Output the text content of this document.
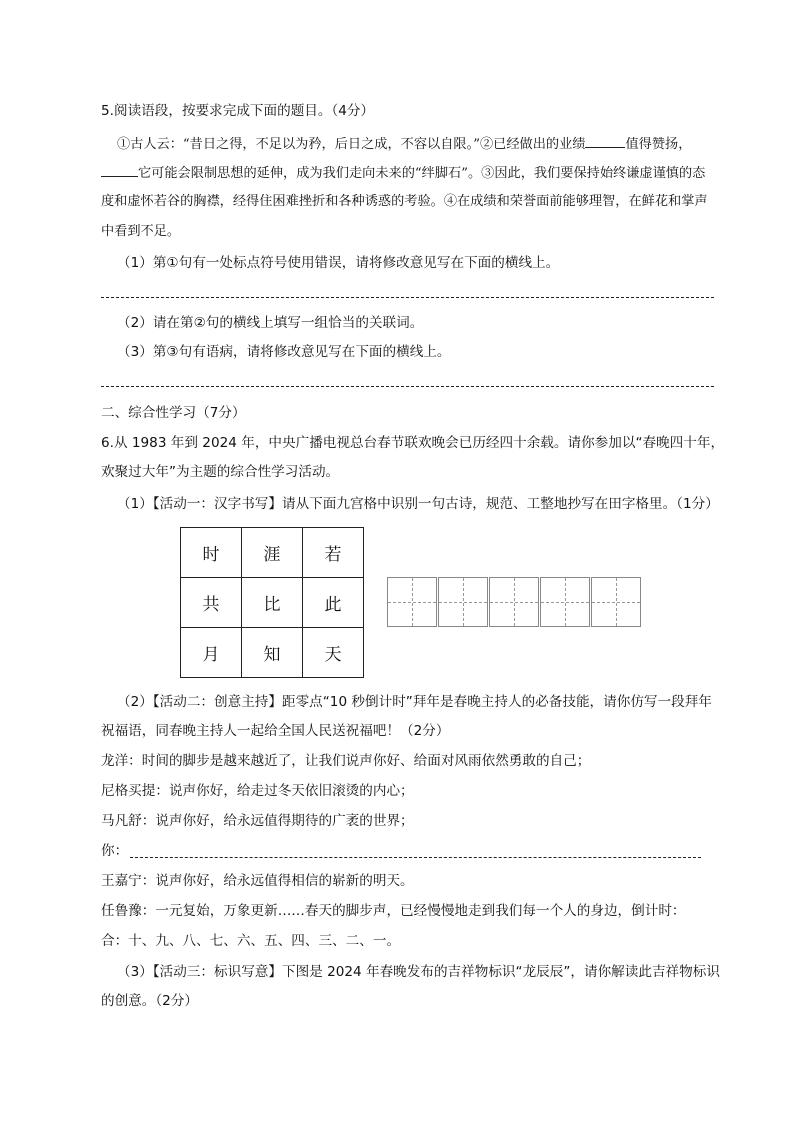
5.阅读语段，按要求完成下面的题目。（4分）
①古人云：“昔日之得，不足以为矜，后日之成，不容以自限。”②已经做出的业绩	值得赞扬，
它可能会限制思想的延伸，成为我们走向未来的“绊脚石”。③因此，我们要保持始终谦虚谨慎的态
度和虚怀若谷的胸襟，经得住困难挫折和各种诱惑的考验。④在成绩和荣誉面前能够理智，在鲜花和掌声
中看到不足。
（1）第①句有一处标点符号使用错误，请将修改意见写在下面的横线上。
（2）请在第②句的横线上填写一组恰当的关联词。
（3）第③句有语病，请将修改意见写在下面的横线上。
二、综合性学习（7分）
6.从 1983 年到 2024 年，中央广播电视总台春节联欢晚会已历经四十余载。请你参加以“春晚四十年，
欢聚过大年”为主题的综合性学习活动。
（1）【活动一：汉字书写】请从下面九宫格中识别一句古诗，规范、工整地抄写在田字格里。（1分）
时	涯	若
共	比	此
月	知	天
（2）【活动二：创意主持】距零点“10 秒倒计时”拜年是春晚主持人的必备技能，请你仿写一段拜年
祝福语，同春晚主持人一起给全国人民送祝福吧！（2分）
龙洋：时间的脚步是越来越近了，让我们说声你好、给面对风雨依然勇敢的自己；
尼格买提：说声你好，给走过冬天依旧滚烫的内心；
马凡舒：说声你好，给永远值得期待的广袤的世界；
你：
王嘉宁：说声你好，给永远值得相信的崭新的明天。
任鲁豫：一元复始，万象更新……春天的脚步声，已经慢慢地走到我们每一个人的身边，倒计时：
合：十、九、八、七、六、五、四、三、二、一。
（3）【活动三：标识写意】下图是 2024 年春晚发布的吉祥物标识“龙辰辰”，请你解读此吉祥物标识
的创意。（2分）
